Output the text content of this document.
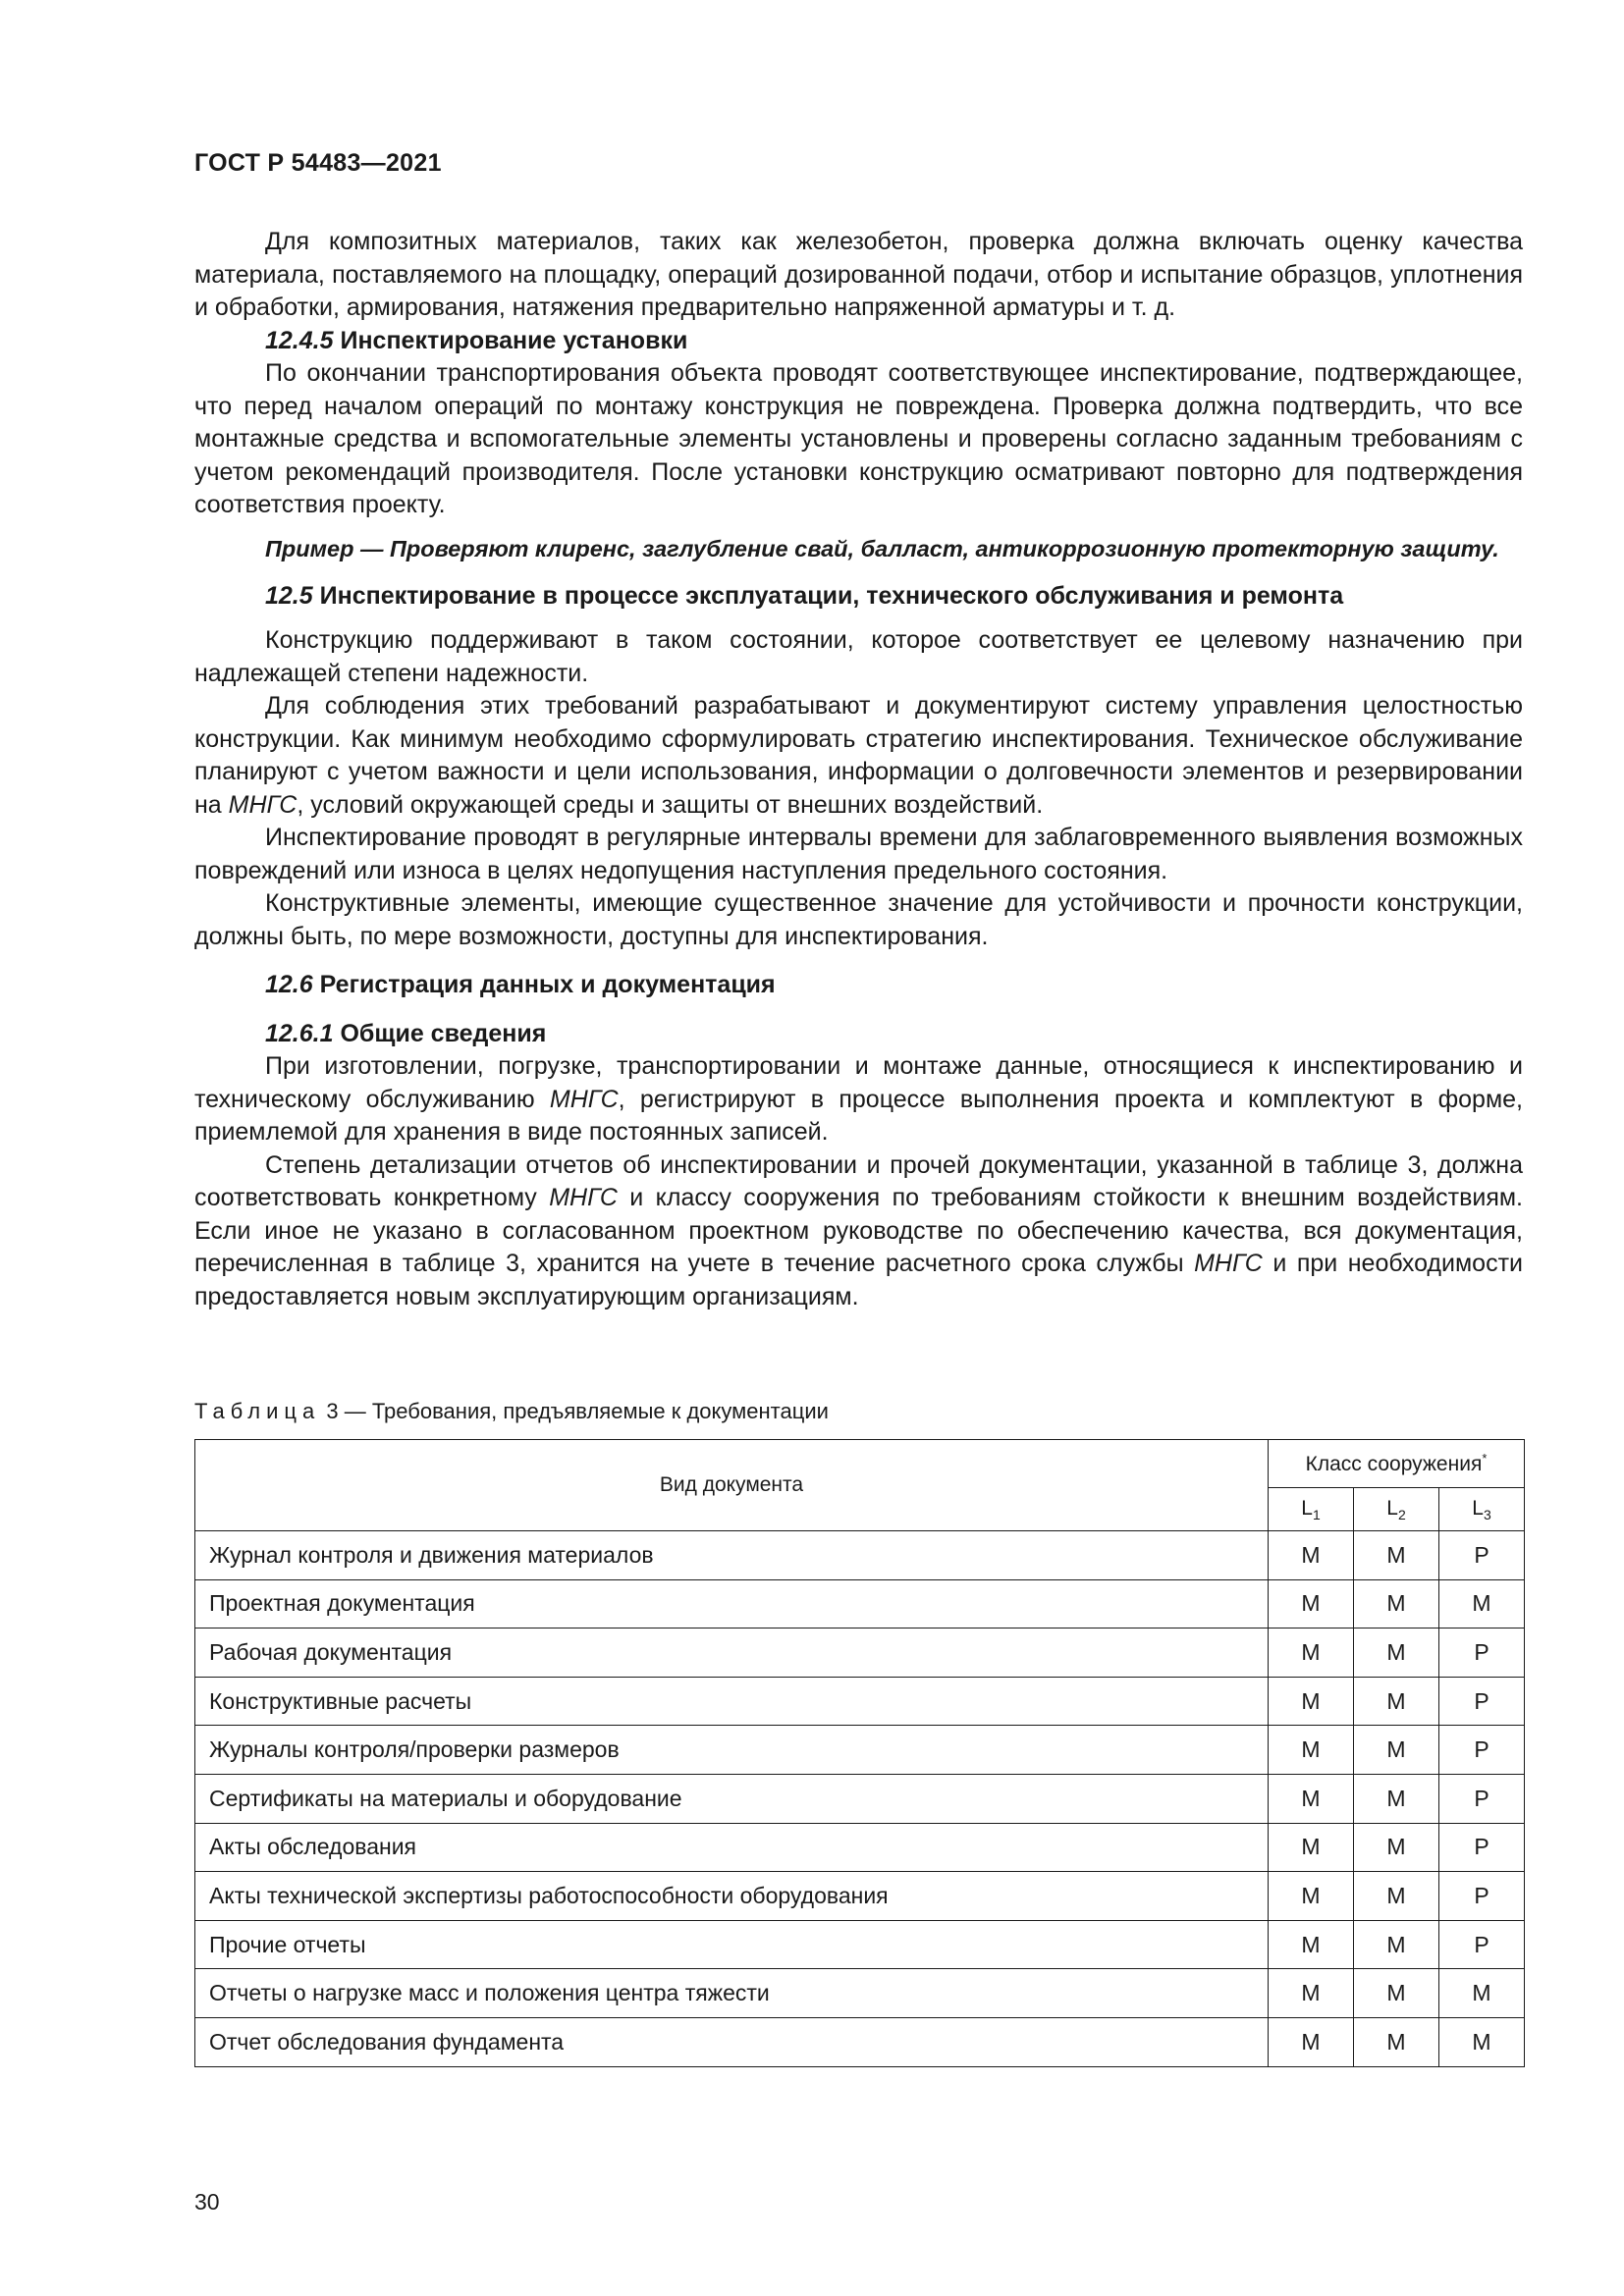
ГОСТ Р 54483—2021

Для композитных материалов, таких как железобетон, проверка должна включать оценку качества материала, поставляемого на площадку, операций дозированной подачи, отбор и испытание образцов, уплотнения и обработки, армирования, натяжения предварительно напряженной арматуры и т. д.

12.4.5 Инспектирование установки

По окончании транспортирования объекта проводят соответствующее инспектирование, подтверждающее, что перед началом операций по монтажу конструкция не повреждена. Проверка должна подтвердить, что все монтажные средства и вспомогательные элементы установлены и проверены согласно заданным требованиям с учетом рекомендаций производителя. После установки конструкцию осматривают повторно для подтверждения соответствия проекту.

Пример — Проверяют клиренс, заглубление свай, балласт, антикоррозионную протекторную защиту.

12.5 Инспектирование в процессе эксплуатации, технического обслуживания и ремонта

Конструкцию поддерживают в таком состоянии, которое соответствует ее целевому назначению при надлежащей степени надежности.

Для соблюдения этих требований разрабатывают и документируют систему управления целостностью конструкции. Как минимум необходимо сформулировать стратегию инспектирования. Техническое обслуживание планируют с учетом важности и цели использования, информации о долговечности элементов и резервировании на МНГС, условий окружающей среды и защиты от внешних воздействий.

Инспектирование проводят в регулярные интервалы времени для заблаговременного выявления возможных повреждений или износа в целях недопущения наступления предельного состояния.

Конструктивные элементы, имеющие существенное значение для устойчивости и прочности конструкции, должны быть, по мере возможности, доступны для инспектирования.

12.6 Регистрация данных и документация
12.6.1 Общие сведения

При изготовлении, погрузке, транспортировании и монтаже данные, относящиеся к инспектированию и техническому обслуживанию МНГС, регистрируют в процессе выполнения проекта и комплектуют в форме, приемлемой для хранения в виде постоянных записей.

Степень детализации отчетов об инспектировании и прочей документации, указанной в таблице 3, должна соответствовать конкретному МНГС и классу сооружения по требованиям стойкости к внешним воздействиям. Если иное не указано в согласованном проектном руководстве по обеспечению качества, вся документация, перечисленная в таблице 3, хранится на учете в течение расчетного срока службы МНГС и при необходимости предоставляется новым эксплуатирующим организациям.

Таблица 3 — Требования, предъявляемые к документации
Вид документа	Класс сооружения*
	$L_1$	$L_2$	$L_3$
Журнал контроля и движения материалов	М	М	Р
Проектная документация	М	М	М
Рабочая документация	М	М	Р
Конструктивные расчеты	М	М	Р
Журналы контроля/проверки размеров	М	М	Р
Сертификаты на материалы и оборудование	М	М	Р
Акты обследования	М	М	Р
Акты технической экспертизы работоспособности оборудования	М	М	Р
Прочие отчеты	М	М	Р
Отчеты о нагрузке масс и положения центра тяжести	М	М	М
Отчет обследования фундамента	М	М	М
30
